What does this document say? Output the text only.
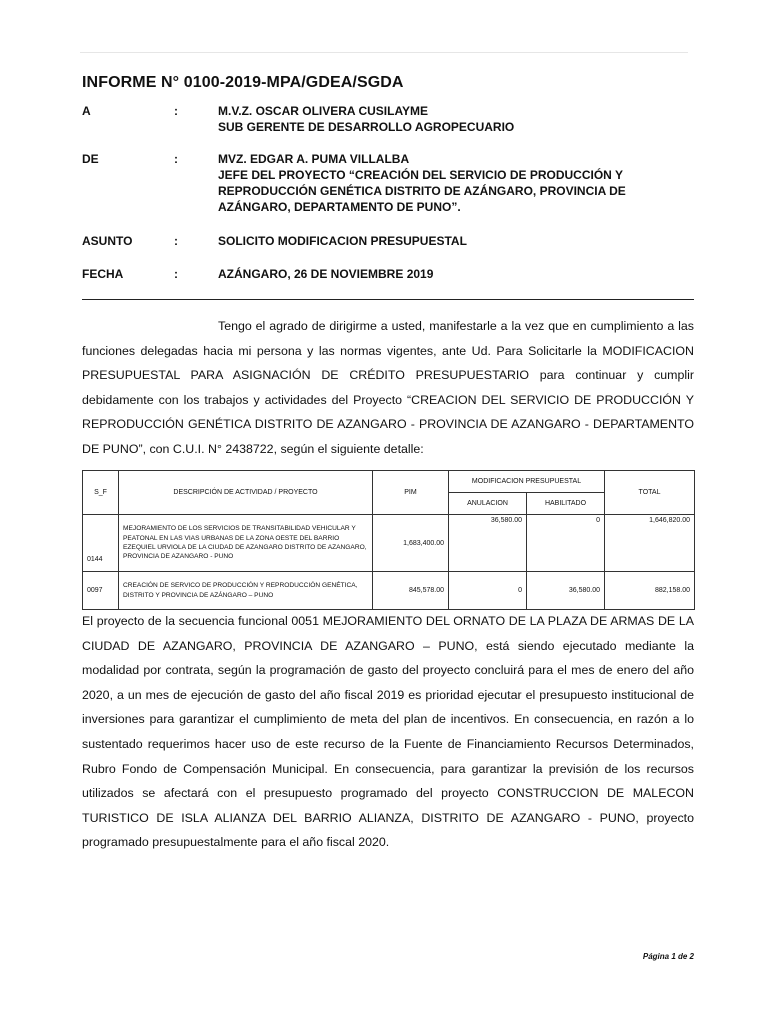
INFORME N° 0100-2019-MPA/GDEA/SGDA
A	:	M.V.Z. OSCAR OLIVERA CUSILAYME
SUB GERENTE DE DESARROLLO AGROPECUARIO
DE	:	MVZ. EDGAR A. PUMA VILLALBA
JEFE DEL PROYECTO “CREACIÓN DEL SERVICIO DE PRODUCCIÓN Y
REPRODUCCIÓN GENÉTICA DISTRITO DE AZÁNGARO, PROVINCIA DE
AZÁNGARO, DEPARTAMENTO DE PUNO”.
ASUNTO	:	SOLICITO MODIFICACION PRESUPUESTAL
FECHA	:	AZÁNGARO, 26 DE NOVIEMBRE 2019

Tengo el agrado de dirigirme a usted, manifestarle a la vez que en cumplimiento a las funciones delegadas hacia mi persona y las normas vigentes, ante Ud. Para Solicitarle la MODIFICACION PRESUPUESTAL PARA ASIGNACIÓN DE CRÉDITO PRESUPUESTARIO para continuar y cumplir debidamente con los trabajos y actividades del Proyecto “CREACION DEL SERVICIO DE PRODUCCIÓN Y REPRODUCCIÓN GENÉTICA DISTRITO DE AZANGARO - PROVINCIA DE AZANGARO - DEPARTAMENTO DE PUNO”, con C.U.I. N° 2438722, según el siguiente detalle:

S_F	DESCRIPCIÓN DE ACTIVIDAD / PROYECTO	PIM	MODIFICACION PRESUPUESTAL		TOTAL
			ANULACION	HABILITADO	
0144	MEJORAMIENTO DE LOS SERVICIOS DE TRANSITABILIDAD VEHICULAR Y PEATONAL EN LAS VIAS URBANAS DE LA ZONA OESTE DEL BARRIO EZEQUIEL URVIOLA DE LA CIUDAD DE AZANGARO DISTRITO DE AZANGARO, PROVINCIA DE AZANGARO - PUNO	1,683,400.00	36,580.00	0	1,646,820.00
0097	CREACIÓN DE SERVICO DE PRODUCCIÓN Y REPRODUCCIÓN GENÉTICA, DISTRITO Y PROVINCIA DE AZÁNGARO – PUNO	845,578.00	0	36,580.00	882,158.00

El proyecto de la secuencia funcional 0051 MEJORAMIENTO DEL ORNATO DE LA PLAZA DE ARMAS DE LA CIUDAD DE AZANGARO, PROVINCIA DE AZANGARO – PUNO, está siendo ejecutado mediante la modalidad por contrata, según la programación de gasto del proyecto concluirá para el mes de enero del año 2020, a un mes de ejecución de gasto del año fiscal 2019 es prioridad ejecutar el presupuesto institucional de inversiones para garantizar el cumplimiento de meta del plan de incentivos. En consecuencia, en razón a lo sustentado requerimos hacer uso de este recurso de la Fuente de Financiamiento Recursos Determinados, Rubro Fondo de Compensación Municipal. En consecuencia, para garantizar la previsión de los recursos utilizados se afectará con el presupuesto programado del proyecto CONSTRUCCION DE MALECON TURISTICO DE ISLA ALIANZA DEL BARRIO ALIANZA, DISTRITO DE AZANGARO - PUNO, proyecto programado presupuestalmente para el año fiscal 2020.

Página 1 de 2
